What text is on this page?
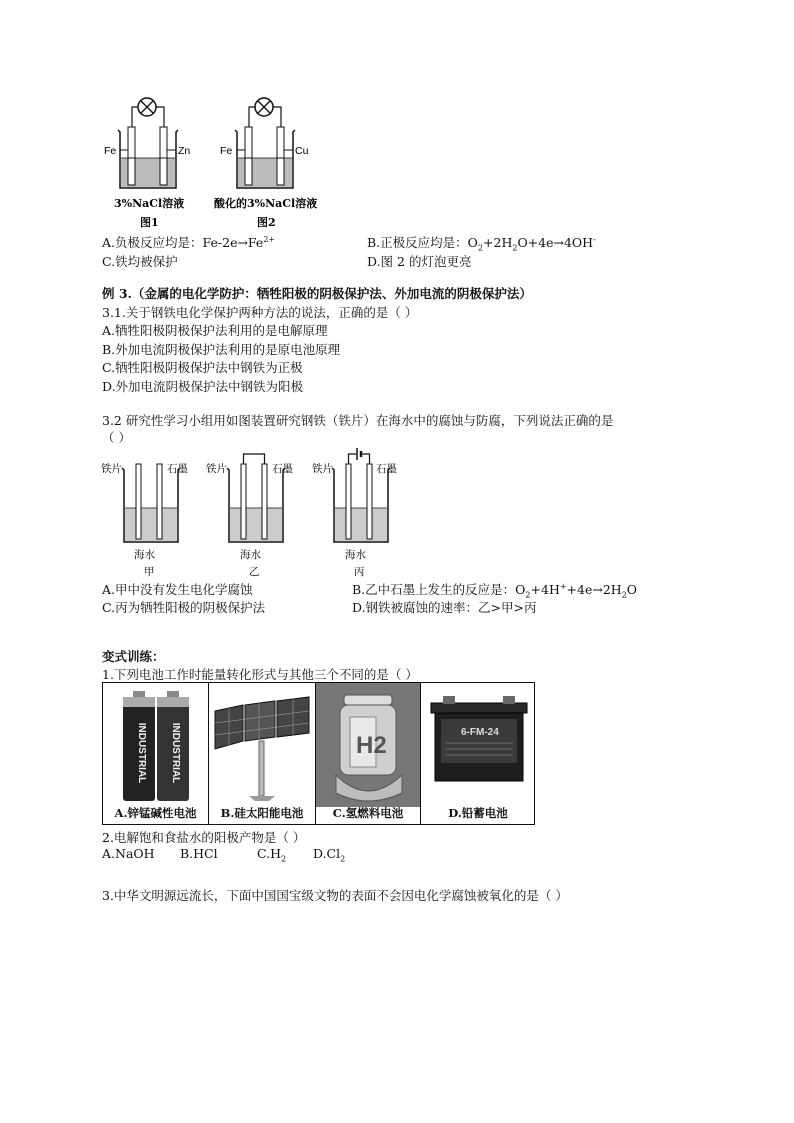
Fe	Zn
3%NaCl溶液
图1
Fe	Cu
酸化的3%NaCl溶液
图2
A.负极反应均是：$Fe-2e\to Fe^{2+}$	B.正极反应均是：$O_2+2H_2O+4e\to 4OH^-$
C.铁均被保护	D.图 2 的灯泡更亮
例 3.（金属的电化学防护：牺牲阳极的阴极保护法、外加电流的阴极保护法）
3.1.关于钢铁电化学保护两种方法的说法，正确的是（ ）
A.牺牲阳极阴极保护法利用的是电解原理
B.外加电流阴极保护法利用的是原电池原理
C.牺牲阳极阴极保护法中钢铁为正极
D.外加电流阴极保护法中钢铁为阳极
3.2 研究性学习小组用如图装置研究钢铁（铁片）在海水中的腐蚀与防腐，下列说法正确的是
（ ）
铁片	石墨
海水
甲
铁片	石墨
海水
乙
铁片	石墨
海水
丙
A.甲中没有发生电化学腐蚀	B.乙中石墨上发生的反应是：$O_2+4H^++4e\to 2H_2O$
C.丙为牺牲阳极的阴极保护法	D.钢铁被腐蚀的速率：乙>甲>丙
变式训练：
1.下列电池工作时能量转化形式与其他三个不同的是（ ）
INDUSTRIAL INDUSTRIAL
A.锌锰碱性电池	B.硅太阳能电池
H2
C.氢燃料电池
6-FM-24
D.铅蓄电池
2.电解饱和食盐水的阳极产物是（ ）
A.NaOH B.HCl	$C.H_2$ $D.Cl_2$
3.中华文明源远流长，下面中国国宝级文物的表面不会因电化学腐蚀被氧化的是（ ）
